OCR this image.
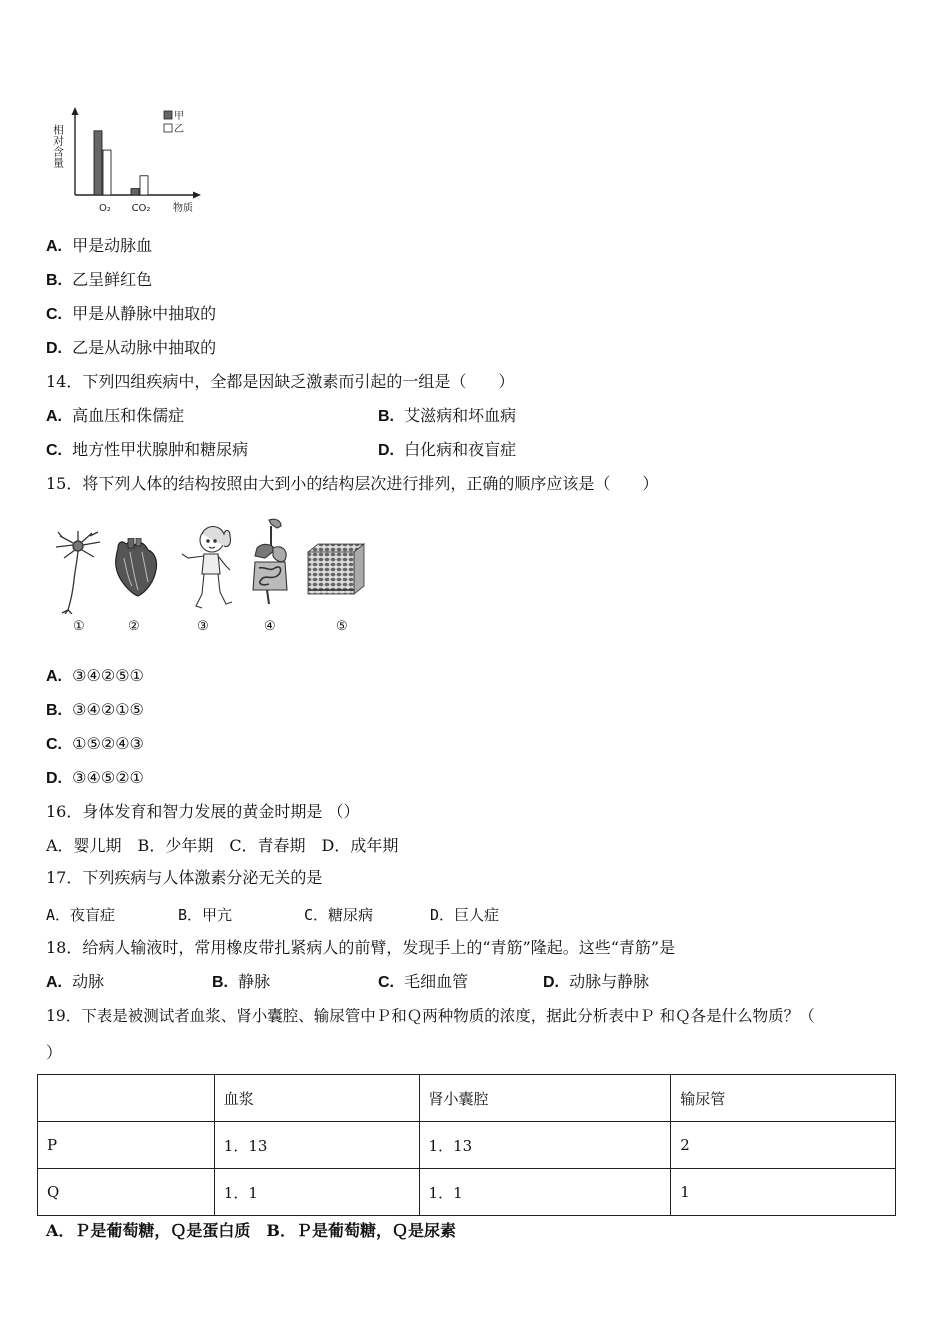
相对含量
O₂ CO₂ 物质
甲
乙
A. 甲是动脉血
B. 乙呈鲜红色
C. 甲是从静脉中抽取的
D. 乙是从动脉中抽取的
14．下列四组疾病中，全都是因缺乏激素而引起的一组是（　　）
A. 高血压和侏儒症	B. 艾滋病和坏血病
C. 地方性甲状腺肿和糖尿病	D. 白化病和夜盲症
15．将下列人体的结构按照由大到小的结构层次进行排列，正确的顺序应该是（　　）
①	②	③	④	⑤
A. ③④②⑤①
B. ③④②①⑤
C. ①⑤②④③
D. ③④⑤②①
16．身体发育和智力发展的黄金时期是 （）
A．婴儿期　B．少年期　C．青春期　D．成年期
17．下列疾病与人体激素分泌无关的是
A．夜盲症	B．甲亢	C．糖尿病	D．巨人症
18．给病人输液时，常用橡皮带扎紧病人的前臂，发现手上的“青筋”隆起。这些“青筋”是
A. 动脉	B. 静脉	C. 毛细血管	D. 动脉与静脉
19．下表是被测试者血浆、肾小囊腔、输尿管中Ｐ和Ｑ两种物质的浓度，据此分析表中Ｐ 和Ｑ各是什么物质？（
）
	血浆	肾小囊腔	输尿管
P	1．13	1．13	2
Q	1．1	1．1	1
A．Ｐ是葡萄糖，Ｑ是蛋白质　B．Ｐ是葡萄糖，Ｑ是尿素
